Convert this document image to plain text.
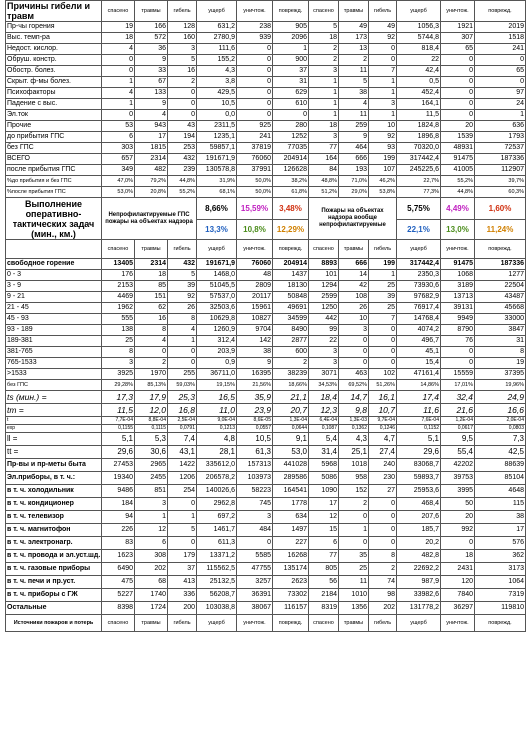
Причины гибели и травм	спасено	травмы	гибель	ущерб	уничтож.	поврежд.	спасено	травмы	гибель	ущерб	уничтож.	поврежд.
Пр-чы горения	19	166	128	631,2	238	905	5	49	49	1056,3	1921	2019
Выс. темп-ра	18	572	160	2780,9	939	2096	18	173	92	5744,8	307	1518
Недост. кислор.	4	36	3	111,6	0	1	2	13	0	818,4	65	241
Обруш. констр.	0	9	5	155,2	0	900	2	2	0	22	0	0
Обостр. болез.	0	33	16	4,3	0	37	3	11	7	42,4	0	65
Скрыт. ф-мы болез.	1	67	2	3,8	0	31	1	5	1	0,5	0	0
Психофакторы	4	133	0	429,5	0	629	1	38	1	452,4	0	97
Падение с выс.	1	9	0	10,5	0	610	1	4	3	164,1	0	24
Эл.ток	0	4	0	0,0	0	0	1	11	1	11,5	0	1
Прочие	53	943	43	2311,5	925	280	18	259	10	1824,8	20	636
до прибытия ГПС	6	17	194	1235,1	241	1252	3	9	92	1896,8	1539	1793
без ГПС	303	1815	253	59857,1	37819	77035	77	464	93	70320,0	48931	72537
ВСЕГО	657	2314	432	191671,9	76060	204914	164	666	199	317442,4	91475	187336
после прибытия ГПС	349	482	239	130578,8	37991	126628	84	193	107	245225,6	41005	112907
%до прибытия и без ГПС	47,0%	79,2%	44,8%	31,9%	50,0%	38,2%	48,8%	71,0%	46,2%	22,7%	55,2%	39,7%
%после прибытия ГПС	53,0%	20,8%	55,2%	68,1%	50,0%	61,8%	51,2%	29,0%	53,8%	77,3%	44,8%	60,3%
Выполнение оперативно-тактических задач (мин., км.)	Непрофилактируемые ГПС пожары на объектах надзора			8,66%	15,59%	3,48%	Пожары на объектах надзора вообще непрофилактируемые			5,75%	4,49%	1,60%
				13,3%	10,8%	12,29%				22,1%	13,0%	11,24%
	спасено	травмы	гибель	ущерб	уничтож.	поврежд.	спасено	травмы	гибель	ущерб	уничтож.	поврежд.
свободное горение	13405	2314	432	191671,9	76060	204914	8893	666	199	317442,4	91475	187336
0 - 3	176	18	5	1468,0	48	1437	101	14	1	2350,3	1068	1277
3 - 9	2153	85	39	51045,5	2809	18130	1294	42	25	73930,6	3189	22504
9 - 21	4469	151	92	57537,0	20117	50848	2599	108	39	97682,9	13713	43487
21 - 45	1962	62	26	32503,6	15961	49691	1250	26	25	76917,4	39131	45668
45 - 93	555	16	8	10629,8	10827	34599	442	10	7	14768,4	9949	33000
93 - 189	138	8	4	1260,9	9704	8490	99	3	0	4074,2	8790	3847
189-381	25	4	1	312,4	142	2877	22	0	0	496,7	76	31
381-765	8	0	0	203,9	38	600	3	0	0	45,1	0	8
765-1533	3	2	0	0,9	9	2	3	0	0	15,4	0	19
>1533	3925	1970	255	36711,0	16395	38239	3071	463	102	47161,4	15559	37395
без ГПС	29,28%	85,13%	59,03%	19,15%	21,56%	18,66%	34,53%	69,52%	51,26%	14,86%	17,01%	19,96%
ts (мин.) =	17,3	17,9	25,3	16,5	35,9	21,1	18,4	14,7	16,1	17,4	32,4	24,9
tm =	11,5	12,0	16,8	11,0	23,9	20,7	12,3	9,8	10,7	11,6	21,6	16,6
t	7,7E-04	8,8E-04	2,5E-04	9,0E-04	8,6E-05	1,3E-04	6,4E-04	1,3E-03	9,7E-04	7,6E-04	1,2E-04	2,0E-04
exp	0,1155	0,1115	0,0791	0,1213	0,0557	0,0644	0,1087	0,1362	0,1246	0,1152	0,0617	0,0803
ll =	5,1	5,3	7,4	4,8	10,5	9,1	5,4	4,3	4,7	5,1	9,5	7,3
tt =	29,6	30,6	43,1	28,1	61,3	53,0	31,4	25,1	27,4	29,6	55,4	42,5
Пр-вы и пр-меты быта	27453	2965	1422	335612,0	157313	441028	5968	1018	240	83068,7	42202	88639
Эл.приборы, в т. ч.:	19340	2455	1206	206578,2	103973	289586	5086	958	230	59893,7	39753	85104
в т. ч. холодильник	9486	851	254	140026,6	58223	164541	1090	152	27	25953,6	3995	4648
в т. ч. кондиционер	184	3	0	2962,8	745	1778	17	2	0	468,4	50	115
в т. ч. телевизор	94	1	1	697,2	3	634	12	0	0	207,6	20	38
в т. ч. магнитофон	226	12	5	1461,7	484	1497	15	1	0	185,7	992	17
в т. ч. электронагр.	83	6	0	611,3	0	227	6	0	0	20,2	0	576
в т. ч. провода и эл.уст.шд.	1623	308	179	13371,2	5585	16268	77	35	8	482,8	18	362
в т. ч. газовые приборы	6490	202	37	115562,5	47755	135174	805	25	2	22692,2	2431	3173
в т. ч. печи и пр.уст.	475	68	413	25132,5	3257	2623	56	11	74	987,9	120	1064
в т. ч. приборы с ГЖ	5227	1740	336	56208,7	36391	73302	2184	1010	98	33982,6	7840	7319
Остальные	8398	1724	200	103038,8	38067	116157	8319	1356	202	131778,2	36297	119810
Источники пожаров и потерь	спасено	травмы	гибель	ущерб	уничтож.	поврежд.	спасено	травмы	гибель	ущерб	уничтож.	поврежд.
